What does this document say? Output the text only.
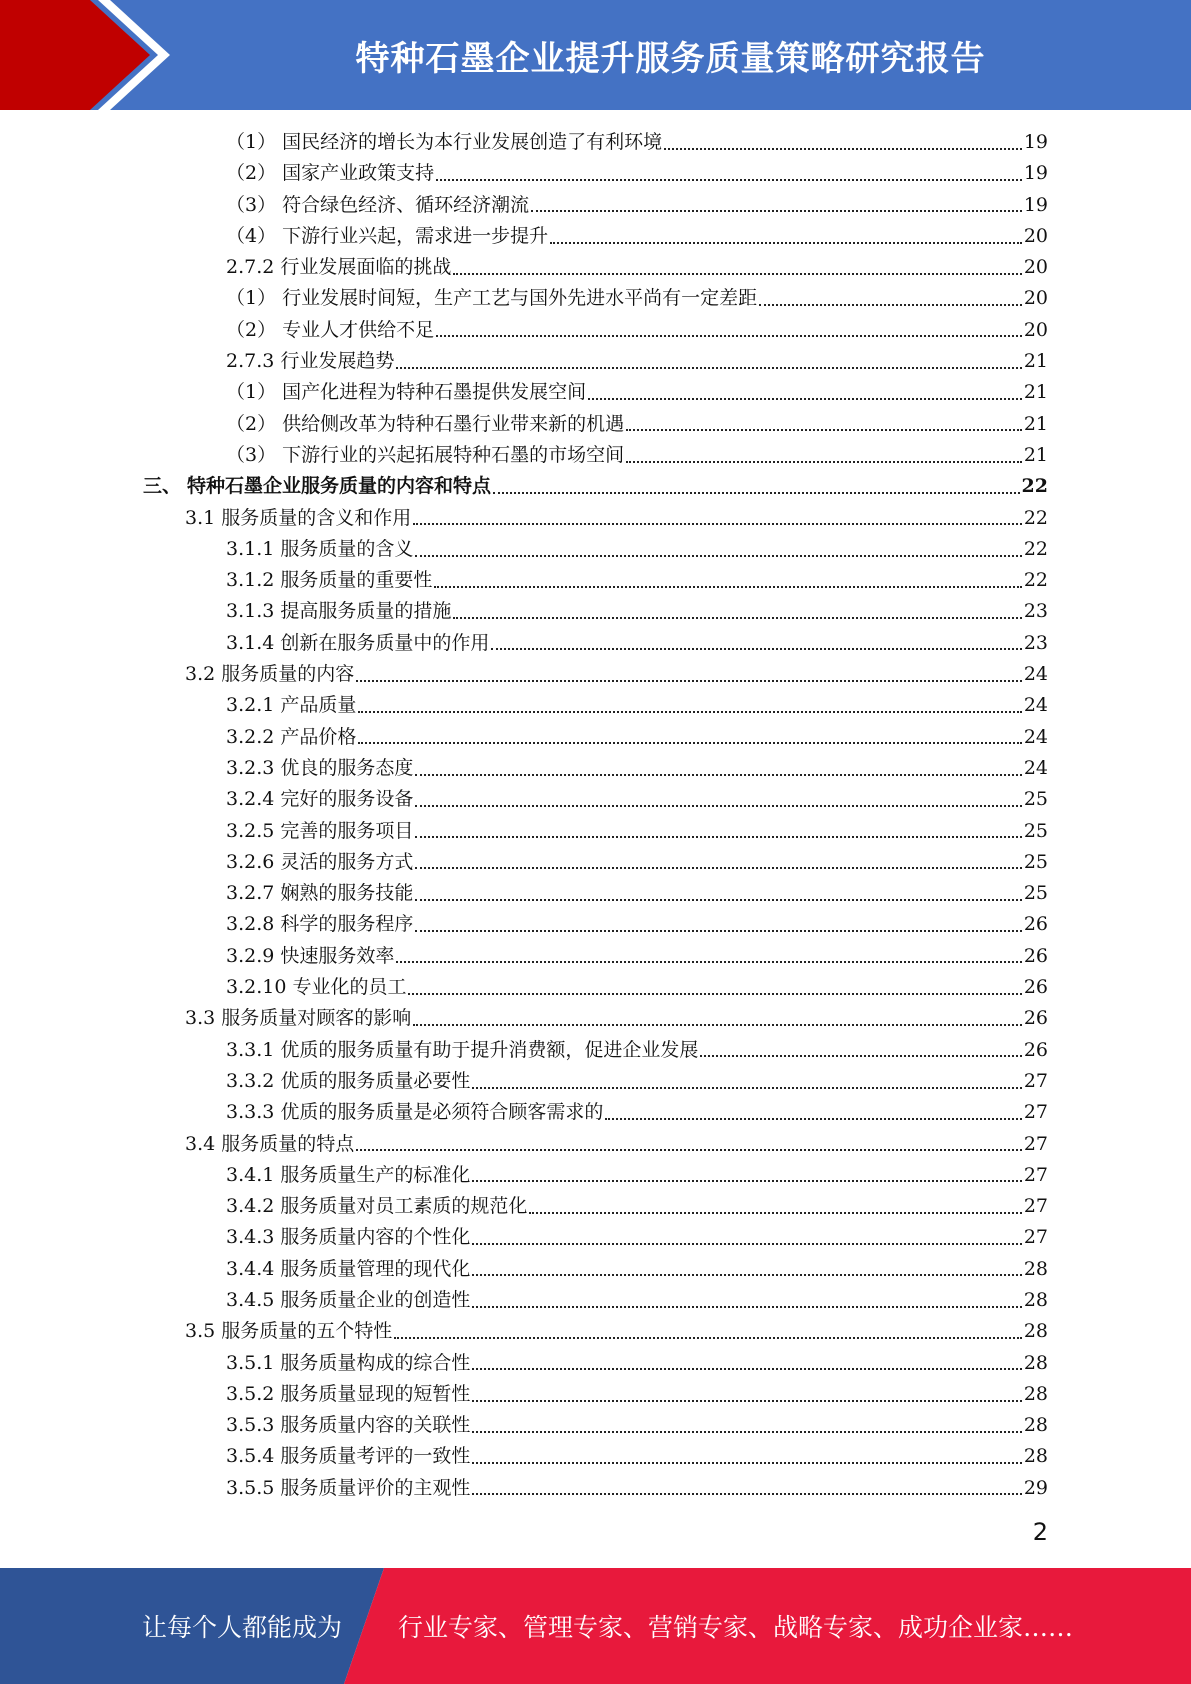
特种石墨企业提升服务质量策略研究报告
（1） 国民经济的增长为本行业发展创造了有利环境	19
（2） 国家产业政策支持	19
（3） 符合绿色经济、循环经济潮流	19
（4） 下游行业兴起，需求进一步提升	20
2.7.2 行业发展面临的挑战	20
（1） 行业发展时间短，生产工艺与国外先进水平尚有一定差距	20
（2） 专业人才供给不足	20
2.7.3 行业发展趋势	21
（1） 国产化进程为特种石墨提供发展空间	21
（2） 供给侧改革为特种石墨行业带来新的机遇	21
（3） 下游行业的兴起拓展特种石墨的市场空间	21
三、 特种石墨企业服务质量的内容和特点	22
3.1 服务质量的含义和作用	22
3.1.1 服务质量的含义	22
3.1.2 服务质量的重要性	22
3.1.3 提高服务质量的措施	23
3.1.4 创新在服务质量中的作用	23
3.2 服务质量的内容	24
3.2.1 产品质量	24
3.2.2 产品价格	24
3.2.3 优良的服务态度	24
3.2.4 完好的服务设备	25
3.2.5 完善的服务项目	25
3.2.6 灵活的服务方式	25
3.2.7 娴熟的服务技能	25
3.2.8 科学的服务程序	26
3.2.9 快速服务效率	26
3.2.10 专业化的员工	26
3.3 服务质量对顾客的影响	26
3.3.1 优质的服务质量有助于提升消费额，促进企业发展	26
3.3.2 优质的服务质量必要性	27
3.3.3 优质的服务质量是必须符合顾客需求的	27
3.4 服务质量的特点	27
3.4.1 服务质量生产的标准化	27
3.4.2 服务质量对员工素质的规范化	27
3.4.3 服务质量内容的个性化	27
3.4.4 服务质量管理的现代化	28
3.4.5 服务质量企业的创造性	28
3.5 服务质量的五个特性	28
3.5.1 服务质量构成的综合性	28
3.5.2 服务质量显现的短暂性	28
3.5.3 服务质量内容的关联性	28
3.5.4 服务质量考评的一致性	28
3.5.5 服务质量评价的主观性	29
2
让每个人都能成为 行业专家、管理专家、营销专家、战略专家、成功企业家……
